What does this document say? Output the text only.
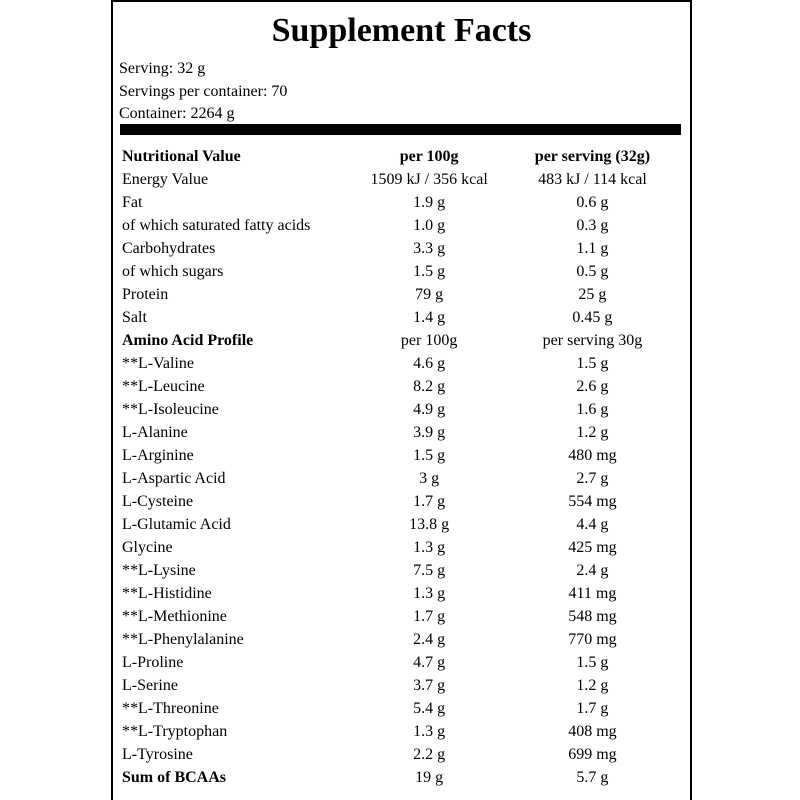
Supplement Facts
Serving: 32 g
Servings per container: 70
Container: 2264 g
Nutritional Value	per 100g	per serving (32g)
Energy Value	1509 kJ / 356 kcal	483 kJ / 114 kcal
Fat	1.9 g	0.6 g
of which saturated fatty acids	1.0 g	0.3 g
Carbohydrates	3.3 g	1.1 g
of which sugars	1.5 g	0.5 g
Protein	79 g	25 g
Salt	1.4 g	0.45 g
Amino Acid Profile	per 100g	per serving 30g
**L-Valine	4.6 g	1.5 g
**L-Leucine	8.2 g	2.6 g
**L-Isoleucine	4.9 g	1.6 g
L-Alanine	3.9 g	1.2 g
L-Arginine	1.5 g	480 mg
L-Aspartic Acid	3 g	2.7 g
L-Cysteine	1.7 g	554 mg
L-Glutamic Acid	13.8 g	4.4 g
Glycine	1.3 g	425 mg
**L-Lysine	7.5 g	2.4 g
**L-Histidine	1.3 g	411 mg
**L-Methionine	1.7 g	548 mg
**L-Phenylalanine	2.4 g	770 mg
L-Proline	4.7 g	1.5 g
L-Serine	3.7 g	1.2 g
**L-Threonine	5.4 g	1.7 g
**L-Tryptophan	1.3 g	408 mg
L-Tyrosine	2.2 g	699 mg
Sum of BCAAs	19 g	5.7 g
